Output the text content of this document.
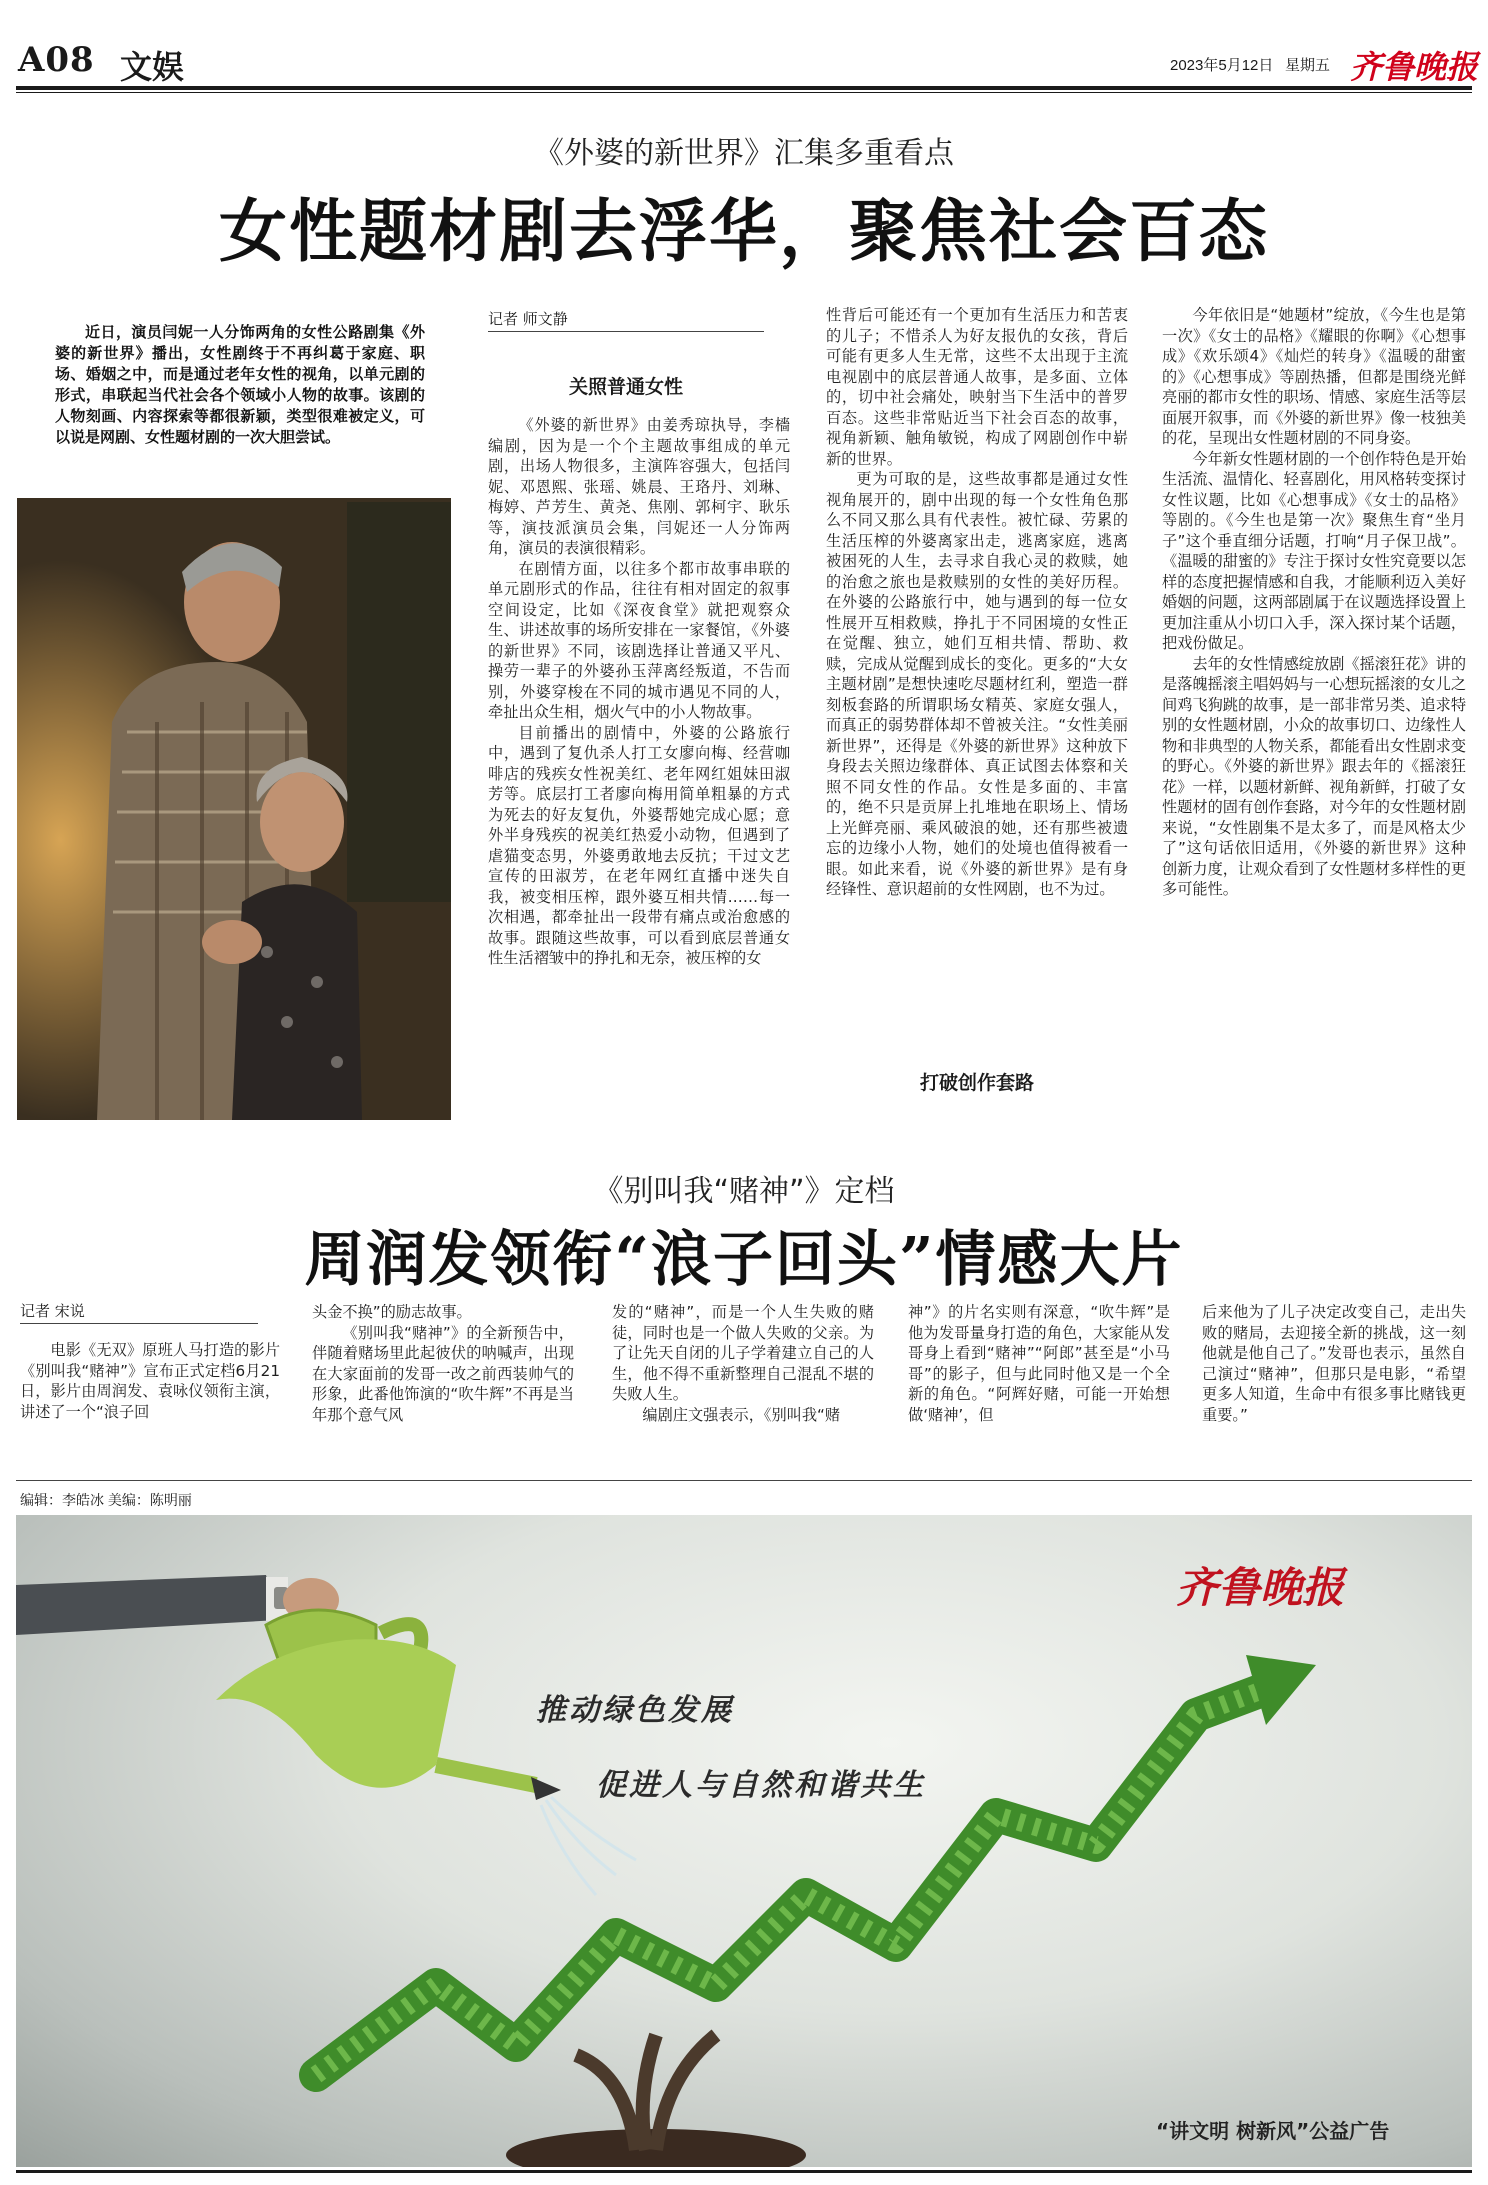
A08 文娱	2023年5月12日 星期五 齐鲁晚报
《外婆的新世界》汇集多重看点
女性题材剧去浮华，聚焦社会百态
近日，演员闫妮一人分饰两角的女性公路剧集《外婆的新世界》播出，女性剧终于不再纠葛于家庭、职场、婚姻之中，而是通过老年女性的视角，以单元剧的形式，串联起当代社会各个领域小人物的故事。该剧的人物刻画、内容探索等都很新颖，类型很难被定义，可以说是网剧、女性题材剧的一次大胆尝试。
记者 师文静
关照普通女性

《外婆的新世界》由姜秀琼执导，李檣编剧，因为是一个个主题故事组成的单元剧，出场人物很多，主演阵容强大，包括闫妮、邓恩熙、张瑶、姚晨、王珞丹、刘琳、梅婷、芦芳生、黄尧、焦刚、郭柯宇、耿乐等，演技派演员会集，闫妮还一人分饰两角，演员的表演很精彩。

在剧情方面，以往多个都市故事串联的单元剧形式的作品，往往有相对固定的叙事空间设定，比如《深夜食堂》就把观察众生、讲述故事的场所安排在一家餐馆，《外婆的新世界》不同，该剧选择让普通又平凡、操劳一辈子的外婆孙玉萍离经叛道，不告而别，外婆穿梭在不同的城市遇见不同的人，牵扯出众生相，烟火气中的小人物故事。

目前播出的剧情中，外婆的公路旅行中，遇到了复仇杀人打工女廖向梅、经营咖啡店的残疾女性祝美红、老年网红姐妹田淑芳等。底层打工者廖向梅用简单粗暴的方式为死去的好友复仇，外婆帮她完成心愿；意外半身残疾的祝美红热爱小动物，但遇到了虐猫变态男，外婆勇敢地去反抗；干过文艺宣传的田淑芳，在老年网红直播中迷失自我，被变相压榨，跟外婆互相共情……每一次相遇，都牵扯出一段带有痛点或治愈感的故事。跟随这些故事，可以看到底层普通女性生活褶皱中的挣扎和无奈，被压榨的女

性背后可能还有一个更加有生活压力和苦衷的儿子；不惜杀人为好友报仇的女孩，背后可能有更多人生无常，这些不太出现于主流电视剧中的底层普通人故事，是多面、立体的，切中社会痛处，映射当下生活中的普罗百态。这些非常贴近当下社会百态的故事，视角新颖、触角敏锐，构成了网剧创作中崭新的世界。

更为可取的是，这些故事都是通过女性视角展开的，剧中出现的每一个女性角色那么不同又那么具有代表性。被忙碌、劳累的生活压榨的外婆离家出走，逃离家庭，逃离被困死的人生，去寻求自我心灵的救赎，她的治愈之旅也是救赎别的女性的美好历程。在外婆的公路旅行中，她与遇到的每一位女性展开互相救赎，挣扎于不同困境的女性正在觉醒、独立，她们互相共情、帮助、救赎，完成从觉醒到成长的变化。更多的“大女主题材剧”是想快速吃尽题材红利，塑造一群刻板套路的所谓职场女精英、家庭女强人，而真正的弱势群体却不曾被关注。“女性美丽新世界”，还得是《外婆的新世界》这种放下身段去关照边缘群体、真正试图去体察和关照不同女性的作品。女性是多面的、丰富的，绝不只是贡屏上扎堆地在职场上、情场上光鲜亮丽、乘风破浪的她，还有那些被遗忘的边缘小人物，她们的处境也值得被看一眼。如此来看，说《外婆的新世界》是有身经锋性、意识超前的女性网剧，也不为过。

打破创作套路

今年依旧是“她题材”绽放，《今生也是第一次》《女士的品格》《耀眼的你啊》《心想事成》《欢乐颂4》《灿烂的转身》《温暖的甜蜜的》《心想事成》等剧热播，但都是围绕光鲜亮丽的都市女性的职场、情感、家庭生活等层面展开叙事，而《外婆的新世界》像一枝独美的花，呈现出女性题材剧的不同身姿。

今年新女性题材剧的一个创作特色是开始生活流、温情化、轻喜剧化，用风格转变探讨女性议题，比如《心想事成》《女士的品格》等剧的。《今生也是第一次》聚焦生育“坐月子”这个垂直细分话题，打响“月子保卫战”。《温暖的甜蜜的》专注于探讨女性究竟要以怎样的态度把握情感和自我，才能顺利迈入美好婚姻的问题，这两部剧属于在议题选择设置上更加注重从小切口入手，深入探讨某个话题，把戏份做足。

去年的女性情感绽放剧《摇滚狂花》讲的是落魄摇滚主唱妈妈与一心想玩摇滚的女儿之间鸡飞狗跳的故事，是一部非常另类、追求特别的女性题材剧，小众的故事切口、边缘性人物和非典型的人物关系，都能看出女性剧求变的野心。《外婆的新世界》跟去年的《摇滚狂花》一样，以题材新鲜、视角新鲜，打破了女性题材的固有创作套路，对今年的女性题材剧来说，“女性剧集不是太多了，而是风格太少了”这句话依旧适用，《外婆的新世界》这种创新力度，让观众看到了女性题材多样性的更多可能性。

《别叫我“赌神”》定档
周润发领衔“浪子回头”情感大片
记者 宋说

电影《无双》原班人马打造的影片《别叫我“赌神”》宣布正式定档6月21日，影片由周润发、袁咏仪领衔主演，讲述了一个“浪子回

头金不换”的励志故事。

《别叫我“赌神”》的全新预告中，伴随着赌场里此起彼伏的呐喊声，出现在大家面前的发哥一改之前西装帅气的形象，此番他饰演的“吹牛辉”不再是当年那个意气风

发的“赌神”，而是一个人生失败的赌徒，同时也是一个做人失败的父亲。为了让先天自闭的儿子学着建立自己的人生，他不得不重新整理自己混乱不堪的失败人生。

编剧庄文强表示，《别叫我“赌

神”》的片名实则有深意，“吹牛辉”是他为发哥量身打造的角色，大家能从发哥身上看到“赌神”“阿郎”甚至是“小马哥”的影子，但与此同时他又是一个全新的角色。“阿辉好赌，可能一开始想做‘赌神’，但

后来他为了儿子决定改变自己，走出失败的赌局，去迎接全新的挑战，这一刻他就是他自己了。”发哥也表示，虽然自己演过“赌神”，但那只是电影，“希望更多人知道，生命中有很多事比赌钱更重要。”

编辑：李皓冰 美编：陈明丽
齐鲁晚报
推动绿色发展
促进人与自然和谐共生
“讲文明 树新风”公益广告
